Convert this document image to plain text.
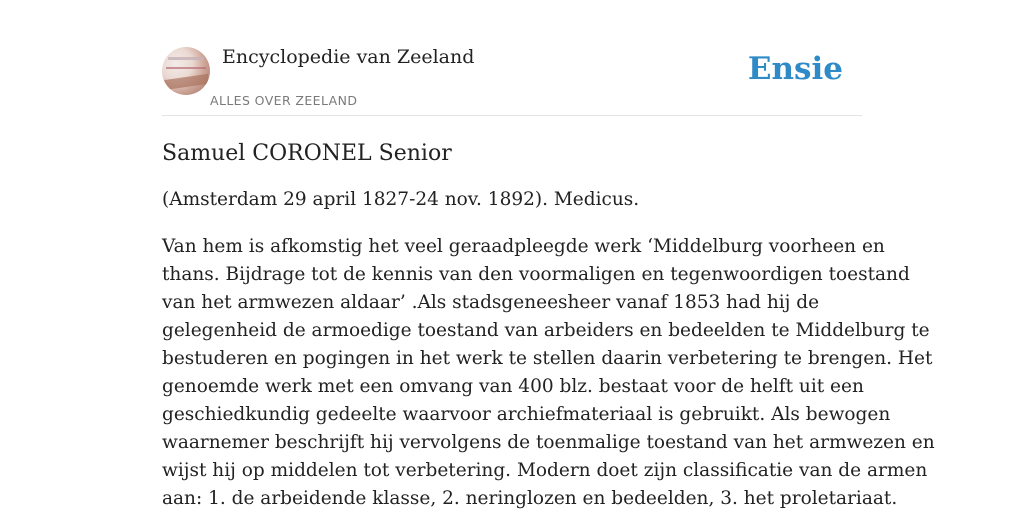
Encyclopedie van Zeeland
ALLES OVER ZEELAND
Ensie
Samuel CORONEL Senior

(Amsterdam 29 april 1827-24 nov. 1892). Medicus.

Van hem is afkomstig het veel geraadpleegde werk ‘Middelburg voorheen en
thans. Bijdrage tot de kennis van den voormaligen en tegenwoordigen toestand
van het armwezen aldaar’ .Als stadsgeneesheer vanaf 1853 had hij de
gelegenheid de armoedige toestand van arbeiders en bedeelden te Middelburg te
bestuderen en pogingen in het werk te stellen daarin verbetering te brengen. Het
genoemde werk met een omvang van 400 blz. bestaat voor de helft uit een
geschiedkundig gedeelte waarvoor archiefmateriaal is gebruikt. Als bewogen
waarnemer beschrijft hij vervolgens de toenmalige toestand van het armwezen en
wijst hij op middelen tot verbetering. Modern doet zijn classificatie van de armen
aan: 1. de arbeidende klasse, 2. neringlozen en bedeelden, 3. het proletariaat.
